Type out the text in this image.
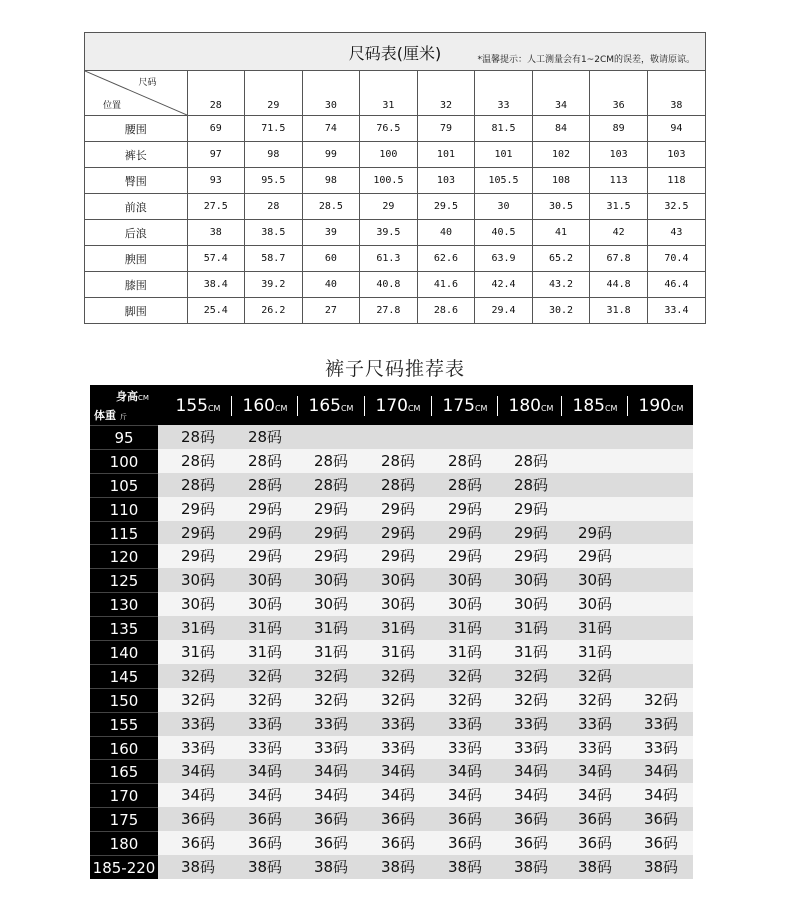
尺码表(厘米)	*温馨提示：人工测量会有1~2CM的误差，敬请原谅。
尺码
位置	28	29	30	31	32	33	34	36	38
腰围	69	71.5	74	76.5	79	81.5	84	89	94
裤长	97	98	99	100	101	101	102	103	103
臀围	93	95.5	98	100.5	103	105.5	108	113	118
前浪	27.5	28	28.5	29	29.5	30	30.5	31.5	32.5
后浪	38	38.5	39	39.5	40	40.5	41	42	43
腴围	57.4	58.7	60	61.3	62.6	63.9	65.2	67.8	70.4
膝围	38.4	39.2	40	40.8	41.6	42.4	43.2	44.8	46.4
脚围	25.4	26.2	27	27.8	28.6	29.4	30.2	31.8	33.4
裤子尺码推荐表
身高CM
体重 斤
155CM	160CM	165CM	170CM	175CM	180CM	185CM	190CM
95	28码	28码
100	28码	28码	28码	28码	28码	28码
105	28码	28码	28码	28码	28码	28码
110	29码	29码	29码	29码	29码	29码
115	29码	29码	29码	29码	29码	29码	29码
120	29码	29码	29码	29码	29码	29码	29码
125	30码	30码	30码	30码	30码	30码	30码
130	30码	30码	30码	30码	30码	30码	30码
135	31码	31码	31码	31码	31码	31码	31码
140	31码	31码	31码	31码	31码	31码	31码
145	32码	32码	32码	32码	32码	32码	32码
150	32码	32码	32码	32码	32码	32码	32码	32码
155	33码	33码	33码	33码	33码	33码	33码	33码
160	33码	33码	33码	33码	33码	33码	33码	33码
165	34码	34码	34码	34码	34码	34码	34码	34码
170	34码	34码	34码	34码	34码	34码	34码	34码
175	36码	36码	36码	36码	36码	36码	36码	36码
180	36码	36码	36码	36码	36码	36码	36码	36码
185-220	38码	38码	38码	38码	38码	38码	38码	38码
